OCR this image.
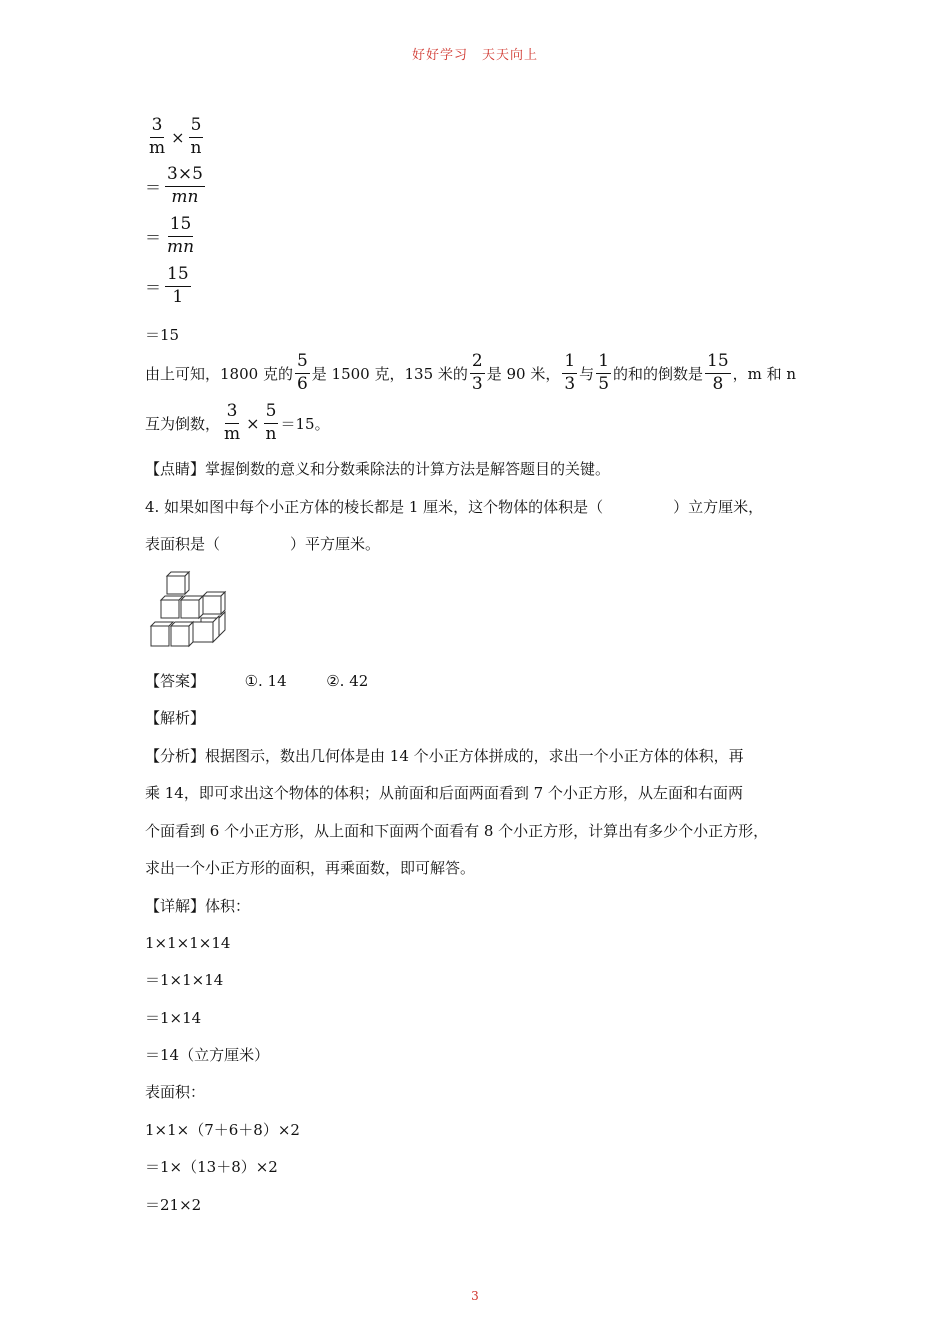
好好学习　天天向上
$\frac{3}{m} \times \frac{5}{n}$
＝ $\frac{3\times 5}{mn}$
＝ $\frac{15}{mn}$
＝ $\frac{15}{1}$
＝15
由上可知，1800 克的 $\frac{5}{6}$ 是 1500 克，135 米的 $\frac{2}{3}$ 是 90 米， $\frac{1}{3}$ 与 $\frac{1}{5}$ 的和的倒数是 $\frac{15}{8}$ ，m 和 n
互为倒数， $\frac{3}{m} \times \frac{5}{n} =15$。
【点睛】掌握倒数的意义和分数乘除法的计算方法是解答题目的关键。
4. 如果如图中每个小正方体的棱长都是 1 厘米，这个物体的体积是（	）立方厘米，
表面积是（	）平方厘米。
【答案】	①. 14	②. 42
【解析】
【分析】根据图示，数出几何体是由 14 个小正方体拼成的，求出一个小正方体的体积，再
乘 14，即可求出这个物体的体积；从前面和后面两面看到 7 个小正方形，从左面和右面两
个面看到 6 个小正方形，从上面和下面两个面看有 8 个小正方形，计算出有多少个小正方形，
求出一个小正方形的面积，再乘面数，即可解答。
【详解】体积：
1×1×1×14
＝1×1×14
＝1×14
＝14（立方厘米）
表面积：
1×1×（7＋6＋8）×2
＝1×（13＋8）×2
＝21×2
3
